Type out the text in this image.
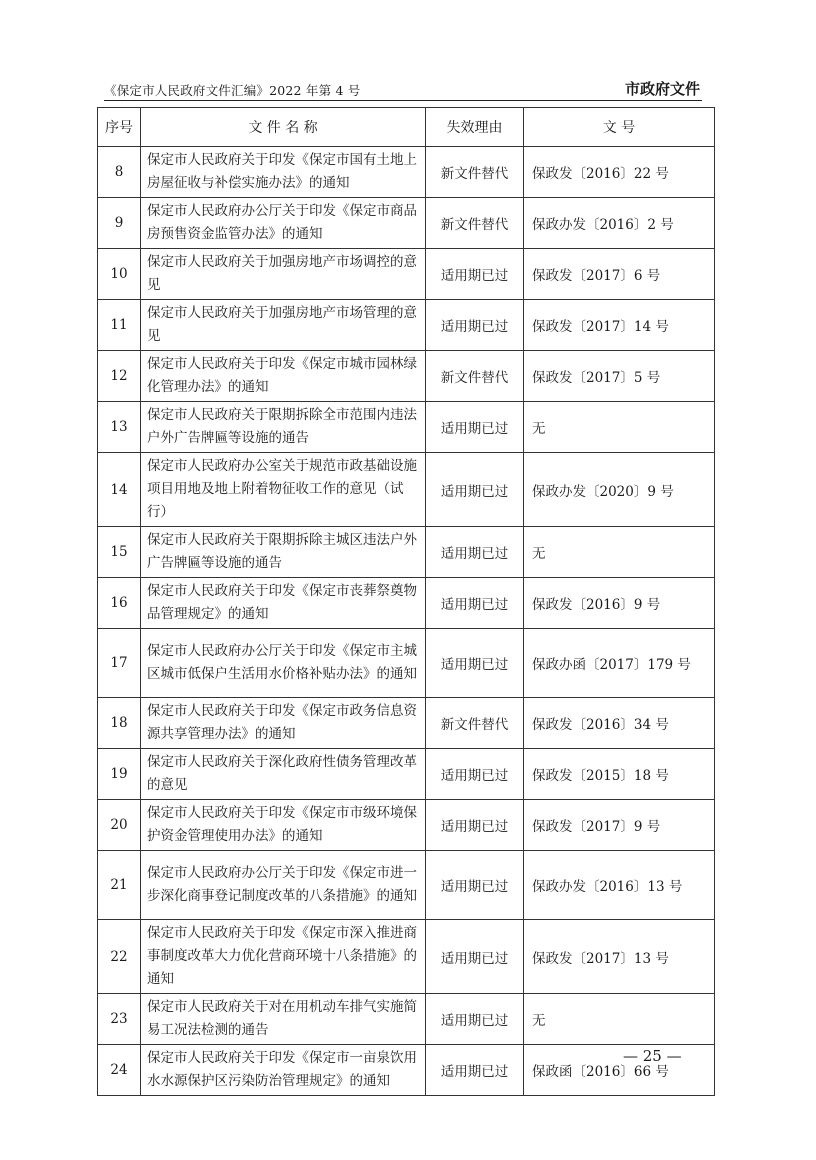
《保定市人民政府文件汇编》2022 年第 4 号	市政府文件
序号	文 件 名 称	失效理由	文 号
8	保定市人民政府关于印发《保定市国有土地上房屋征收与补偿实施办法》的通知	新文件替代	保政发〔2016〕22 号
9	保定市人民政府办公厅关于印发《保定市商品房预售资金监管办法》的通知	新文件替代	保政办发〔2016〕2 号
10	保定市人民政府关于加强房地产市场调控的意见	适用期已过	保政发〔2017〕6 号
11	保定市人民政府关于加强房地产市场管理的意见	适用期已过	保政发〔2017〕14 号
12	保定市人民政府关于印发《保定市城市园林绿化管理办法》的通知	新文件替代	保政发〔2017〕5 号
13	保定市人民政府关于限期拆除全市范围内违法户外广告牌匾等设施的通告	适用期已过	无
14	保定市人民政府办公室关于规范市政基础设施项目用地及地上附着物征收工作的意见（试行）	适用期已过	保政办发〔2020〕9 号
15	保定市人民政府关于限期拆除主城区违法户外广告牌匾等设施的通告	适用期已过	无
16	保定市人民政府关于印发《保定市丧葬祭奠物品管理规定》的通知	适用期已过	保政发〔2016〕9 号
17	保定市人民政府办公厅关于印发《保定市主城区城市低保户生活用水价格补贴办法》的通知	适用期已过	保政办函〔2017〕179 号
18	保定市人民政府关于印发《保定市政务信息资源共享管理办法》的通知	新文件替代	保政发〔2016〕34 号
19	保定市人民政府关于深化政府性债务管理改革的意见	适用期已过	保政发〔2015〕18 号
20	保定市人民政府关于印发《保定市市级环境保护资金管理使用办法》的通知	适用期已过	保政发〔2017〕9 号
21	保定市人民政府办公厅关于印发《保定市进一步深化商事登记制度改革的八条措施》的通知	适用期已过	保政办发〔2016〕13 号
22	保定市人民政府关于印发《保定市深入推进商事制度改革大力优化营商环境十八条措施》的通知	适用期已过	保政发〔2017〕13 号
23	保定市人民政府关于对在用机动车排气实施简易工况法检测的通告	适用期已过	无
24	保定市人民政府关于印发《保定市一亩泉饮用水水源保护区污染防治管理规定》的通知	适用期已过	保政函〔2016〕66 号
— 25 —
